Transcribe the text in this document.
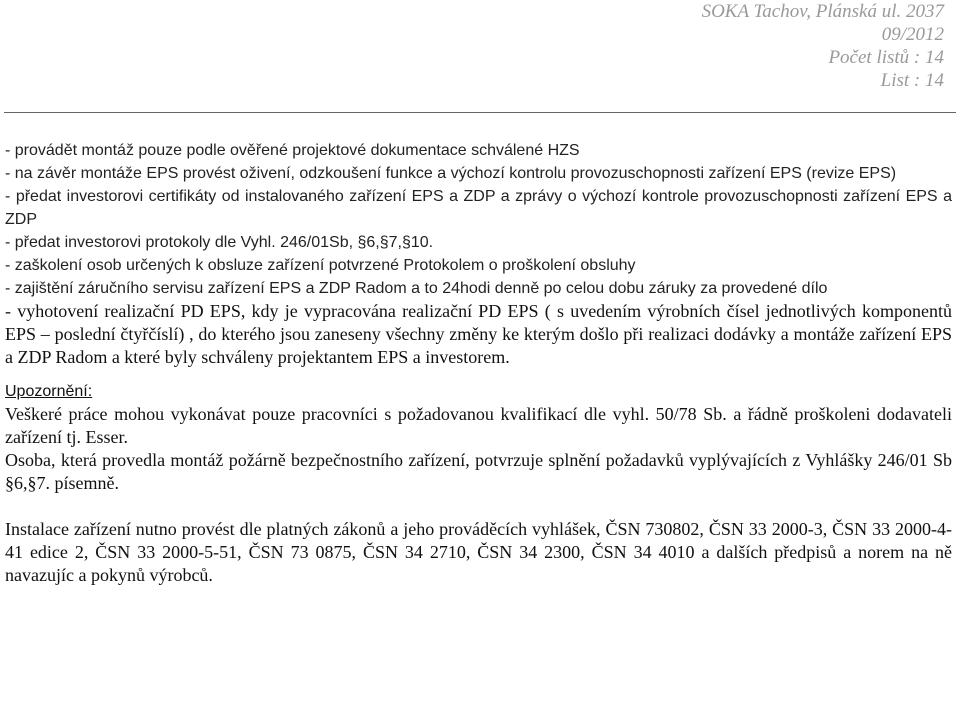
SOKA Tachov, Plánská ul. 2037
09/2012
Počet listů : 14
List : 14

- provádět montáž pouze podle ověřené projektové dokumentace schválené HZS

- na závěr montáže EPS provést oživení, odzkoušení funkce a výchozí kontrolu provozuschopnosti zařízení EPS (revize EPS)

- předat investorovi certifikáty od instalovaného zařízení EPS a ZDP a zprávy o výchozí kontrole provozuschopnosti zařízení EPS a ZDP

- předat investorovi protokoly dle Vyhl. 246/01Sb, §6,§7,§10.

- zaškolení osob určených k obsluze zařízení potvrzené Protokolem o proškolení obsluhy

- zajištění záručního servisu zařízení EPS a ZDP Radom a to 24hodi denně po celou dobu záruky za provedené dílo

- vyhotovení realizační PD EPS, kdy je vypracována realizační PD EPS ( s uvedením výrobních čísel jednotlivých komponentů EPS – poslední čtyřčíslí) , do kterého jsou zaneseny všechny změny ke kterým došlo při realizaci dodávky a montáže zařízení EPS a ZDP Radom a které byly schváleny projektantem EPS a investorem.

Upozornění:

Veškeré práce mohou vykonávat pouze pracovníci s požadovanou kvalifikací dle vyhl. 50/78 Sb. a řádně proškoleni dodavateli zařízení tj. Esser.

Osoba, která provedla montáž požárně bezpečnostního zařízení, potvrzuje splnění požadavků vyplývajících z Vyhlášky 246/01 Sb §6,§7. písemně.

Instalace zařízení nutno provést dle platných zákonů a jeho prováděcích vyhlášek, ČSN 730802, ČSN 33 2000-3, ČSN 33 2000-4-41 edice 2, ČSN 33 2000-5-51, ČSN 73 0875, ČSN 34 2710, ČSN 34 2300, ČSN 34 4010 a dalších předpisů a norem na ně navazujíc a pokynů výrobců.
